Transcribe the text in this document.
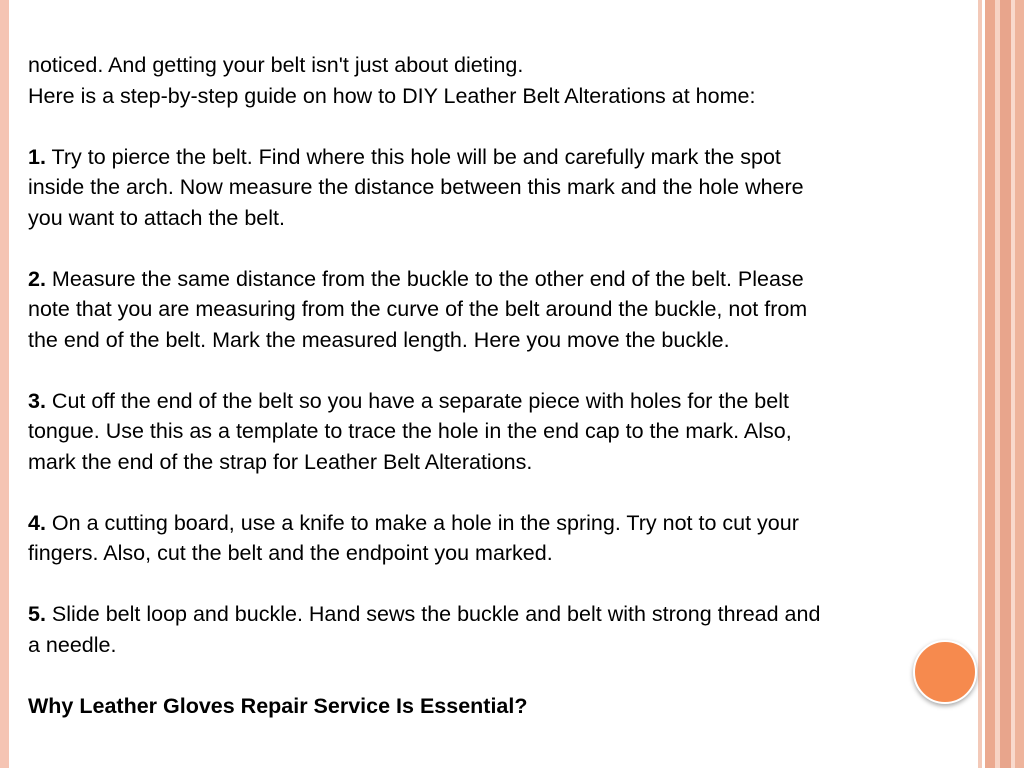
noticed. And getting your belt isn't just about dieting.
Here is a step-by-step guide on how to DIY Leather Belt Alterations at home:
1. Try to pierce the belt. Find where this hole will be and carefully mark the spot
inside the arch. Now measure the distance between this mark and the hole where
you want to attach the belt.
2. Measure the same distance from the buckle to the other end of the belt. Please
note that you are measuring from the curve of the belt around the buckle, not from
the end of the belt. Mark the measured length. Here you move the buckle.
3. Cut off the end of the belt so you have a separate piece with holes for the belt
tongue. Use this as a template to trace the hole in the end cap to the mark. Also,
mark the end of the strap for Leather Belt Alterations.
4. On a cutting board, use a knife to make a hole in the spring. Try not to cut your
fingers. Also, cut the belt and the endpoint you marked.
5. Slide belt loop and buckle. Hand sews the buckle and belt with strong thread and
a needle.
Why Leather Gloves Repair Service Is Essential?
